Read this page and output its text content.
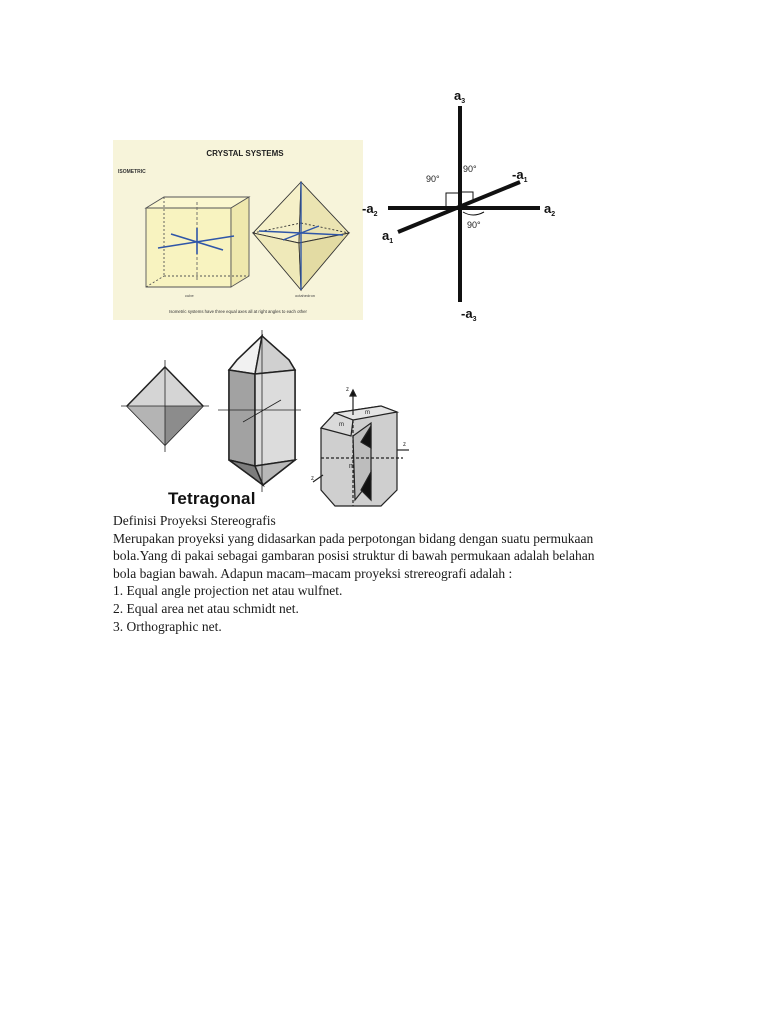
CRYSTAL SYSTEMS
ISOMETRIC
cube	octahedron
Isometric systems have three equal axes all at right angles to each other
90°
90°
90°
$a_3$
$-a_3$
$-a_1$
$a_1$
$-a_2$	$a_2$
z
z
z
m
m
m
Tetragonal

Definisi Proyeksi Stereografis

Merupakan proyeksi yang didasarkan pada perpotongan bidang dengan suatu permukaan

bola.Yang di pakai sebagai gambaran posisi struktur di bawah permukaan adalah belahan

bola bagian bawah. Adapun macam–macam proyeksi strereografi adalah :

1. Equal angle projection net atau wulfnet.

2. Equal area net atau schmidt net.

3. Orthographic net.
